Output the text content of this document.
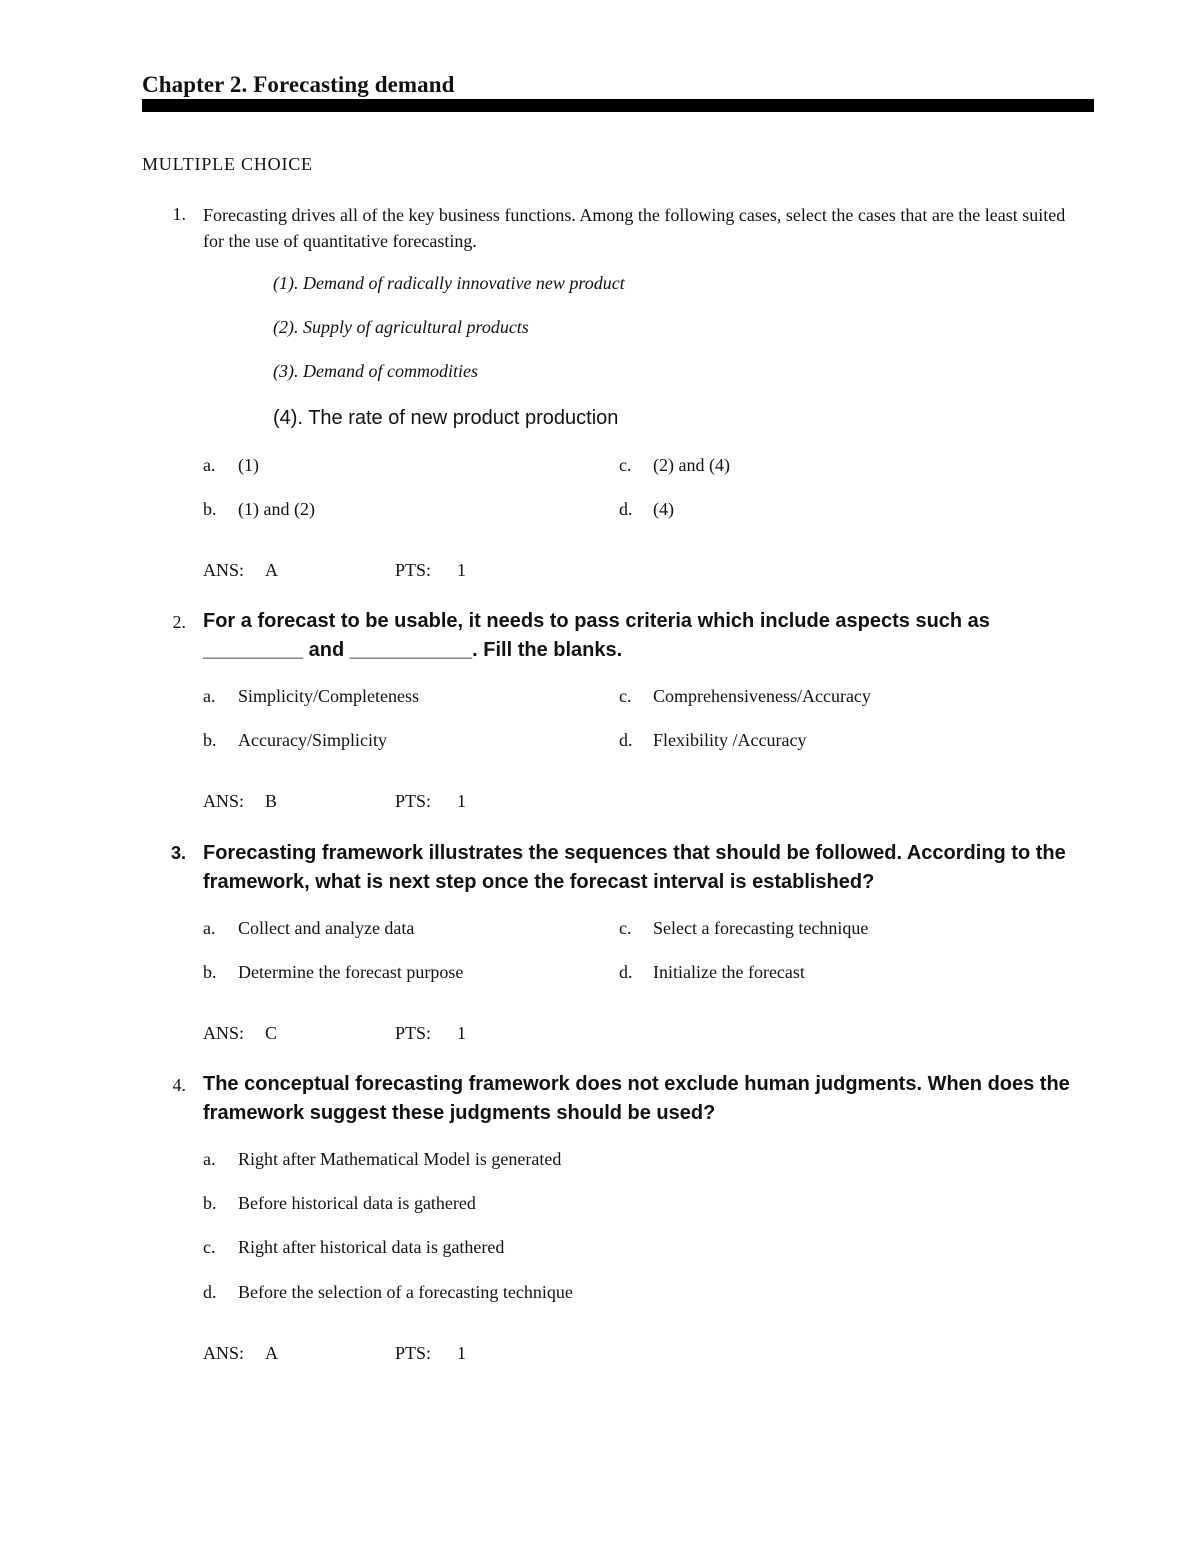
Chapter 2. Forecasting demand
MULTIPLE CHOICE
1. Forecasting drives all of the key business functions. Among the following cases, select the cases that are the least suited for the use of quantitative forecasting.
(1). Demand of radically innovative new product
(2). Supply of agricultural products
(3). Demand of commodities
(4). The rate of new product production
a. (1)
b. (1) and (2)
c. (2) and (4)
d. (4)
ANS: A	PTS: 1
2. For a forecast to be usable, it needs to pass criteria which include aspects such as _________ and ___________. Fill the blanks.
a. Simplicity/Completeness
b. Accuracy/Simplicity
c. Comprehensiveness/Accuracy
d. Flexibility /Accuracy
ANS: B	PTS: 1
3. Forecasting framework illustrates the sequences that should be followed. According to the framework, what is next step once the forecast interval is established?
a. Collect and analyze data
b. Determine the forecast purpose
c. Select a forecasting technique
d. Initialize the forecast
ANS: C	PTS: 1
4. The conceptual forecasting framework does not exclude human judgments. When does the framework suggest these judgments should be used?
a. Right after Mathematical Model is generated
b. Before historical data is gathered
c. Right after historical data is gathered
d. Before the selection of a forecasting technique
ANS: A	PTS: 1
